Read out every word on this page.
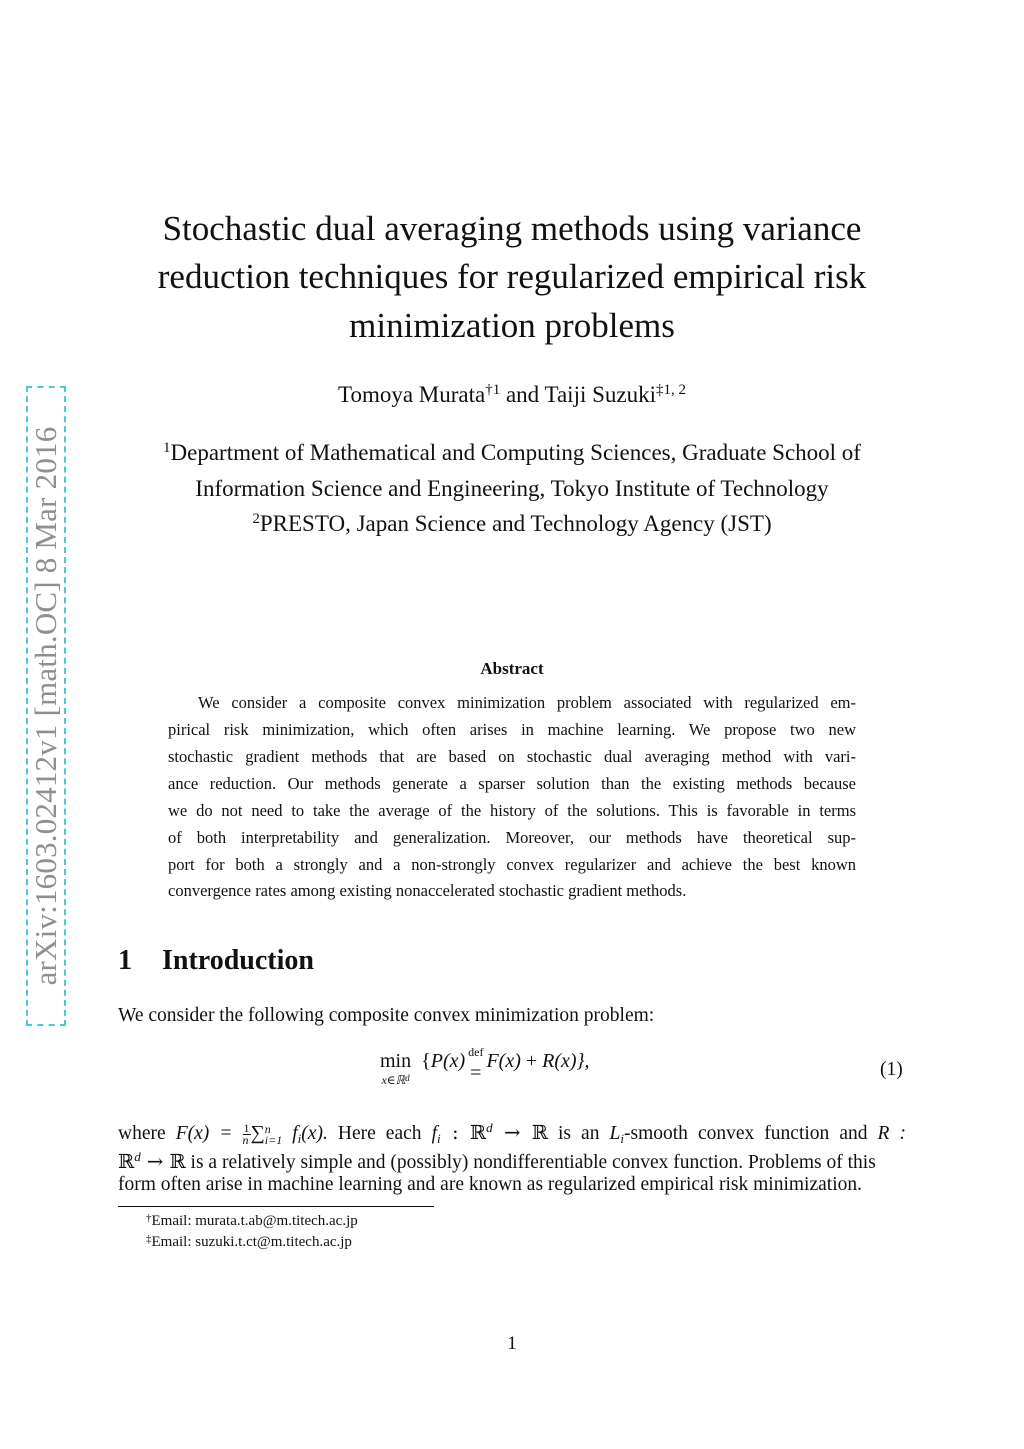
arXiv:1603.02412v1 [math.OC] 8 Mar 2016
Stochastic dual averaging methods using variance
reduction techniques for regularized empirical risk
minimization problems
Tomoya Murata$^{\dagger 1}$ and Taiji Suzuki$^{\ddagger 1, 2}$
$^1$Department of Mathematical and Computing Sciences, Graduate School of
Information Science and Engineering, Tokyo Institute of Technology
$^2$PRESTO, Japan Science and Technology Agency (JST)
Abstract
We consider a composite convex minimization problem associated with regularized em-
pirical risk minimization, which often arises in machine learning. We propose two new
stochastic gradient methods that are based on stochastic dual averaging method with vari-
ance reduction. Our methods generate a sparser solution than the existing methods because
we do not need to take the average of the history of the solutions. This is favorable in terms
of both interpretability and generalization. Moreover, our methods have theoretical sup-
port for both a strongly and a non-strongly convex regularizer and achieve the best known
convergence rates among existing nonaccelerated stochastic gradient methods.
1 Introduction
We consider the following composite convex minimization problem:
min
x∈ℝ$^d$
{P(x) def
= F(x) + R(x)},	(1)
where $F(x) = \frac{1}{n}$ ∑ n
i=1 $f_i(x)$. Here each $f_i$ : ℝ$^d$ → ℝ is an $L_i$-smooth convex function and R :
ℝ$^d$ → ℝ is a relatively simple and (possibly) nondifferentiable convex function. Problems of this
form often arise in machine learning and are known as regularized empirical risk minimization.
†Email: murata.t.ab@m.titech.ac.jp
‡Email: suzuki.t.ct@m.titech.ac.jp
1
